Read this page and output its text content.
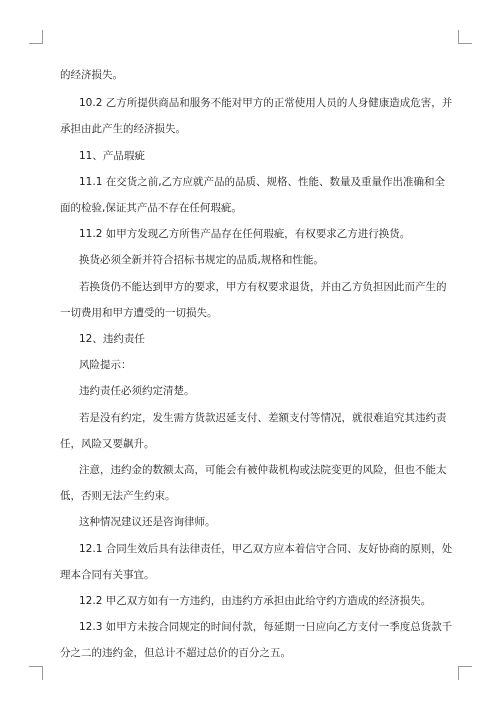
的经济损失。
10.2 乙方所提供商品和服务不能对甲方的正常使用人员的人身健康造成危害，并
承担由此产生的经济损失。
11、产品瑕疵
11.1 在交货之前,乙方应就产品的品质、规格、性能、数量及重量作出准确和全
面的检验,保证其产品不存在任何瑕疵。
11.2 如甲方发现乙方所售产品存在任何瑕疵，有权要求乙方进行换货。
换货必须全新并符合招标书规定的品质,规格和性能。
若换货仍不能达到甲方的要求，甲方有权要求退货，并由乙方负担因此而产生的
一切费用和甲方遭受的一切损失。
12、违约责任
风险提示：
违约责任必须约定清楚。
若是没有约定，发生需方货款迟延支付、差额支付等情况，就很难追究其违约责
任，风险又要飙升。
注意，违约金的数额太高，可能会有被仲裁机构或法院变更的风险，但也不能太
低，否则无法产生约束。
这种情况建议还是咨询律师。
12.1 合同生效后具有法律责任，甲乙双方应本着信守合同、友好协商的原则，处
理本合同有关事宜。
12.2 甲乙双方如有一方违约，由违约方承担由此给守约方造成的经济损失。
12.3 如甲方未按合同规定的时间付款，每延期一日应向乙方支付一季度总货款千
分之二的违约金，但总计不超过总价的百分之五。
